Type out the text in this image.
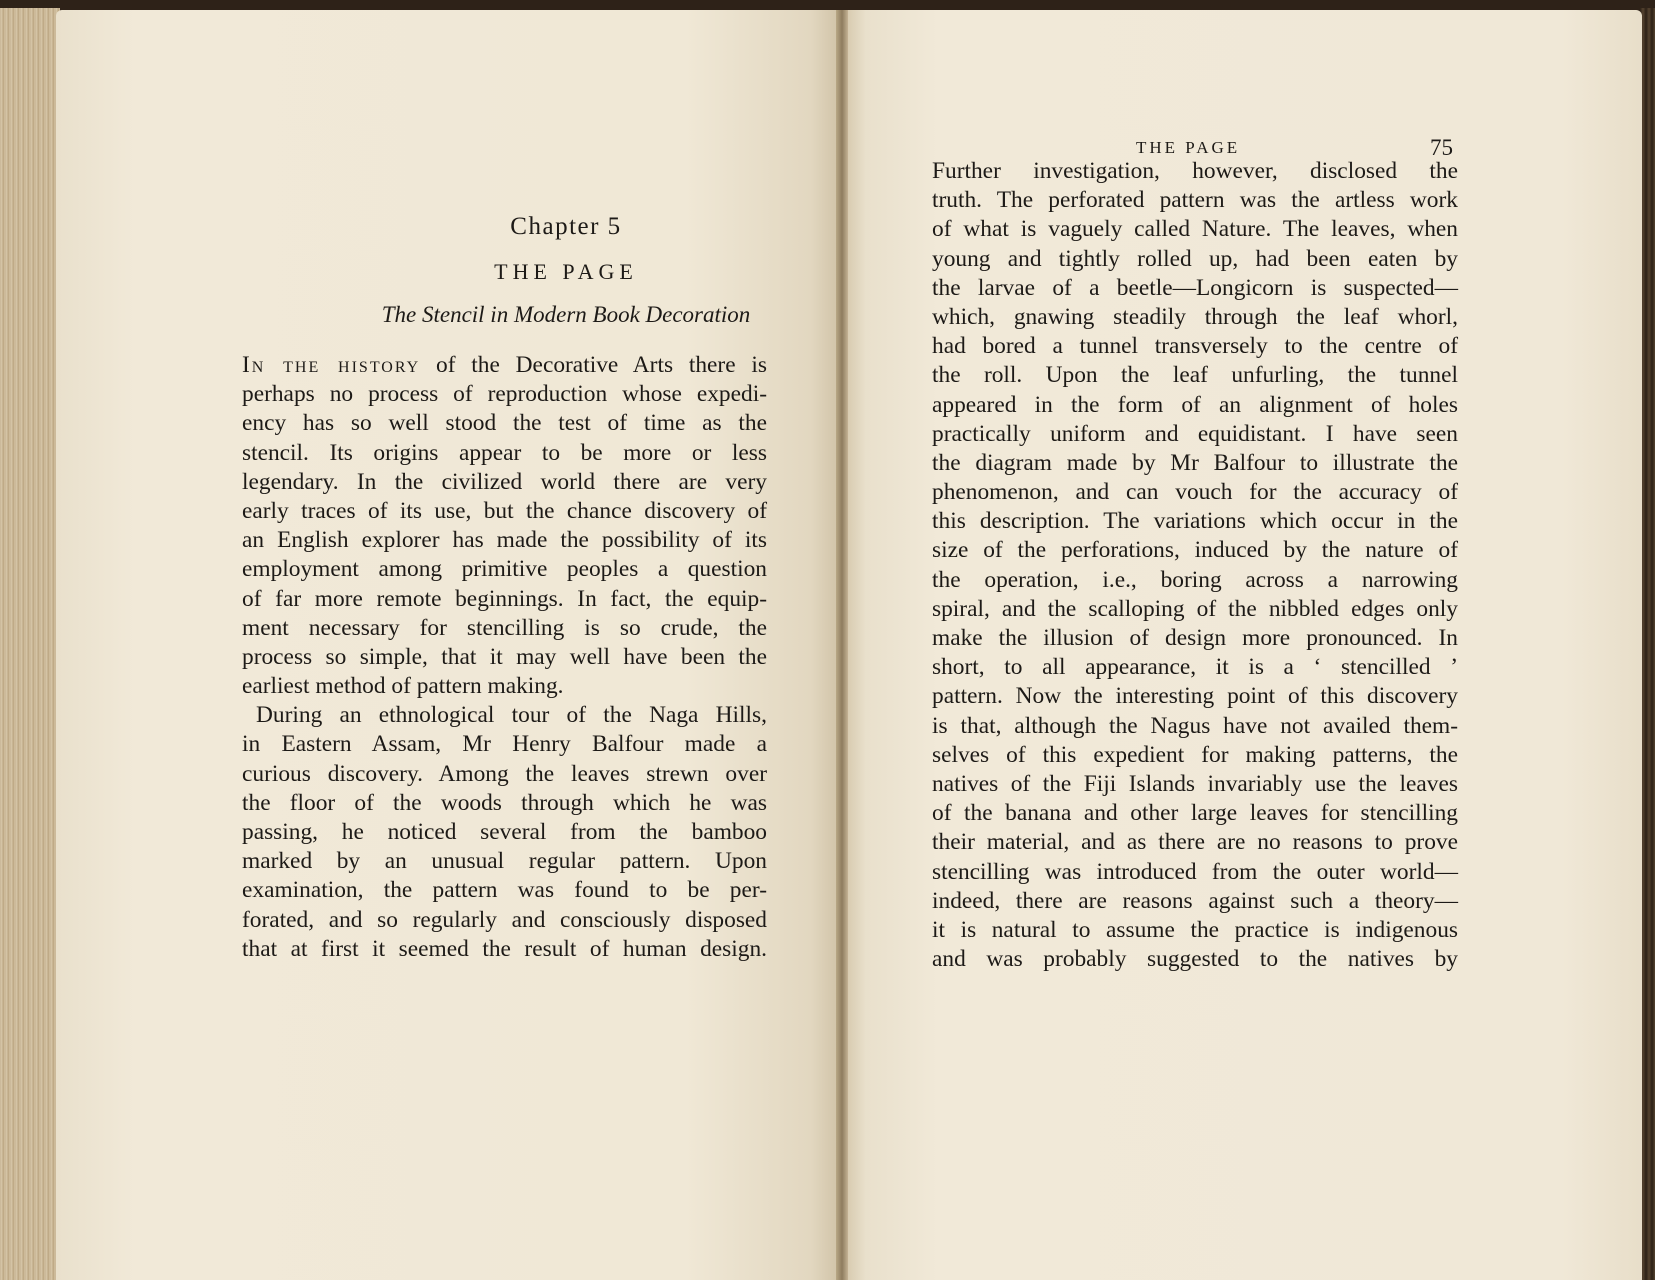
Chapter 5
THE PAGE
The Stencil in Modern Book Decoration
THE PAGE	75
In the history of the Decorative Arts there is
perhaps no process of reproduction whose expedi-
ency has so well stood the test of time as the
stencil. Its origins appear to be more or less
legendary. In the civilized world there are very
early traces of its use, but the chance discovery of
an English explorer has made the possibility of its
employment among primitive peoples a question
of far more remote beginnings. In fact, the equip-
ment necessary for stencilling is so crude, the
process so simple, that it may well have been the
earliest method of pattern making.
During an ethnological tour of the Naga Hills,
in Eastern Assam, Mr Henry Balfour made a
curious discovery. Among the leaves strewn over
the floor of the woods through which he was
passing, he noticed several from the bamboo
marked by an unusual regular pattern. Upon
examination, the pattern was found to be per-
forated, and so regularly and consciously disposed
that at first it seemed the result of human design.
Further investigation, however, disclosed the
truth. The perforated pattern was the artless work
of what is vaguely called Nature. The leaves, when
young and tightly rolled up, had been eaten by
the larvae of a beetle—Longicorn is suspected—
which, gnawing steadily through the leaf whorl,
had bored a tunnel transversely to the centre of
the roll. Upon the leaf unfurling, the tunnel
appeared in the form of an alignment of holes
practically uniform and equidistant. I have seen
the diagram made by Mr Balfour to illustrate the
phenomenon, and can vouch for the accuracy of
this description. The variations which occur in the
size of the perforations, induced by the nature of
the operation, i.e., boring across a narrowing
spiral, and the scalloping of the nibbled edges only
make the illusion of design more pronounced. In
short, to all appearance, it is a ‘ stencilled ’
pattern. Now the interesting point of this discovery
is that, although the Nagus have not availed them-
selves of this expedient for making patterns, the
natives of the Fiji Islands invariably use the leaves
of the banana and other large leaves for stencilling
their material, and as there are no reasons to prove
stencilling was introduced from the outer world—
indeed, there are reasons against such a theory—
it is natural to assume the practice is indigenous
and was probably suggested to the natives by
